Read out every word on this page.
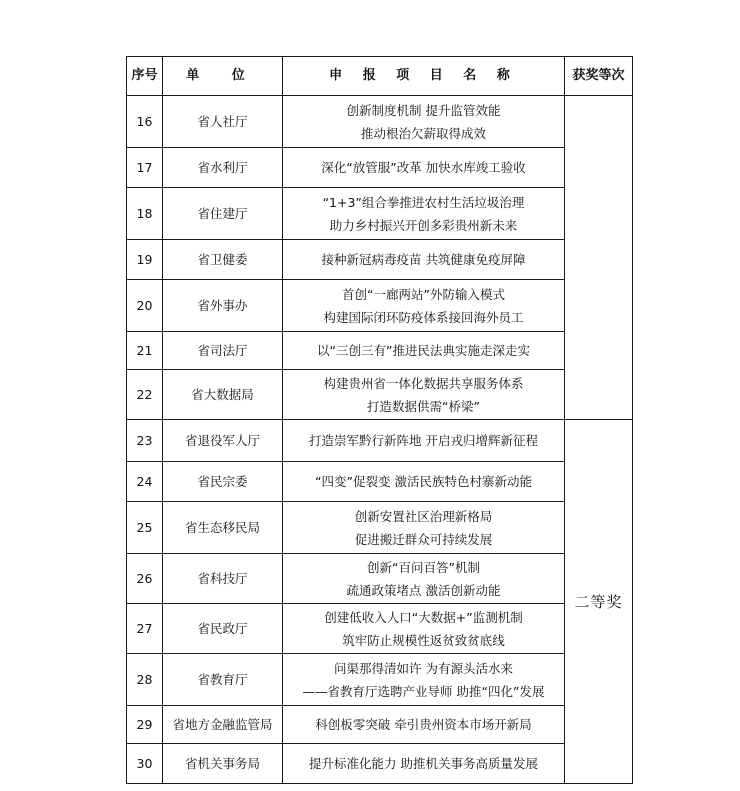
序号	单 位	申 报 项 目 名 称	获奖等次
16	省人社厅	创新制度机制 提升监管效能
推动根治欠薪取得成效	

17	省水利厅	深化“放管服”改革 加快水库竣工验收	

18	省住建厅	“1+3”组合拳推进农村生活垃圾治理
助力乡村振兴开创多彩贵州新未来	

19	省卫健委	接种新冠病毒疫苗 共筑健康免疫屏障	

20	省外事办	首创“一廊两站”外防输入模式
构建国际闭环防疫体系接回海外员工	

21	省司法厅	以“三创三有”推进民法典实施走深走实	

22	省大数据局	构建贵州省一体化数据共享服务体系
打造数据供需“桥梁”	

23	省退役军人厅	打造崇军黔行新阵地 开启戎归增辉新征程	二等奖
24	省民宗委	“四变”促裂变 激活民族特色村寨新动能	

25	省生态移民局	创新安置社区治理新格局
促进搬迁群众可持续发展	

26	省科技厅	创新“百问百答”机制
疏通政策堵点 激活创新动能	

27	省民政厅	创建低收入人口“大数据+”监测机制
筑牢防止规模性返贫致贫底线	

28	省教育厅	问渠那得清如许 为有源头活水来
——省教育厅选聘产业导师 助推“四化”发展	

29	省地方金融监管局	科创板零突破 牵引贵州资本市场开新局	

30	省机关事务局	提升标准化能力 助推机关事务高质量发展	
